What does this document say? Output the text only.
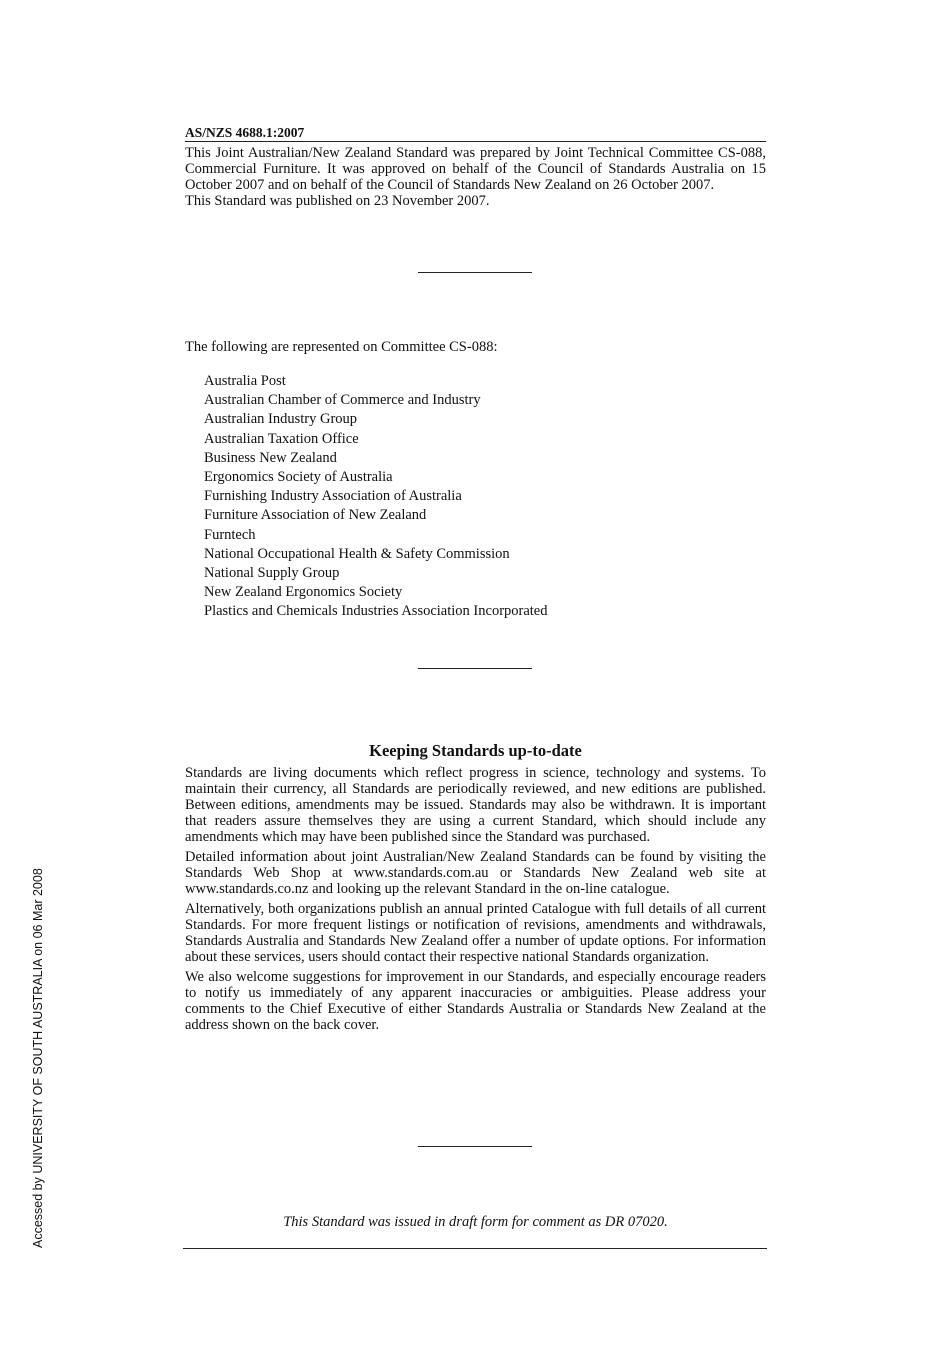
AS/NZS 4688.1:2007

This Joint Australian/New Zealand Standard was prepared by Joint Technical Committee CS-088, Commercial Furniture. It was approved on behalf of the Council of Standards Australia on 15 October 2007 and on behalf of the Council of Standards New Zealand on 26 October 2007.

This Standard was published on 23 November 2007.

The following are represented on Committee CS-088:
Australia Post
Australian Chamber of Commerce and Industry
Australian Industry Group
Australian Taxation Office
Business New Zealand
Ergonomics Society of Australia
Furnishing Industry Association of Australia
Furniture Association of New Zealand
Furntech
National Occupational Health & Safety Commission
National Supply Group
New Zealand Ergonomics Society
Plastics and Chemicals Industries Association Incorporated
Keeping Standards up-to-date

Standards are living documents which reflect progress in science, technology and systems. To maintain their currency, all Standards are periodically reviewed, and new editions are published. Between editions, amendments may be issued. Standards may also be withdrawn. It is important that readers assure themselves they are using a current Standard, which should include any amendments which may have been published since the Standard was purchased.

Detailed information about joint Australian/New Zealand Standards can be found by visiting the Standards Web Shop at www.standards.com.au or Standards New Zealand web site at www.standards.co.nz and looking up the relevant Standard in the on-line catalogue.

Alternatively, both organizations publish an annual printed Catalogue with full details of all current Standards. For more frequent listings or notification of revisions, amendments and withdrawals, Standards Australia and Standards New Zealand offer a number of update options. For information about these services, users should contact their respective national Standards organization.

We also welcome suggestions for improvement in our Standards, and especially encourage readers to notify us immediately of any apparent inaccuracies or ambiguities. Please address your comments to the Chief Executive of either Standards Australia or Standards New Zealand at the address shown on the back cover.

This Standard was issued in draft form for comment as DR 07020.
Accessed by UNIVERSITY OF SOUTH AUSTRALIA on 06 Mar 2008
